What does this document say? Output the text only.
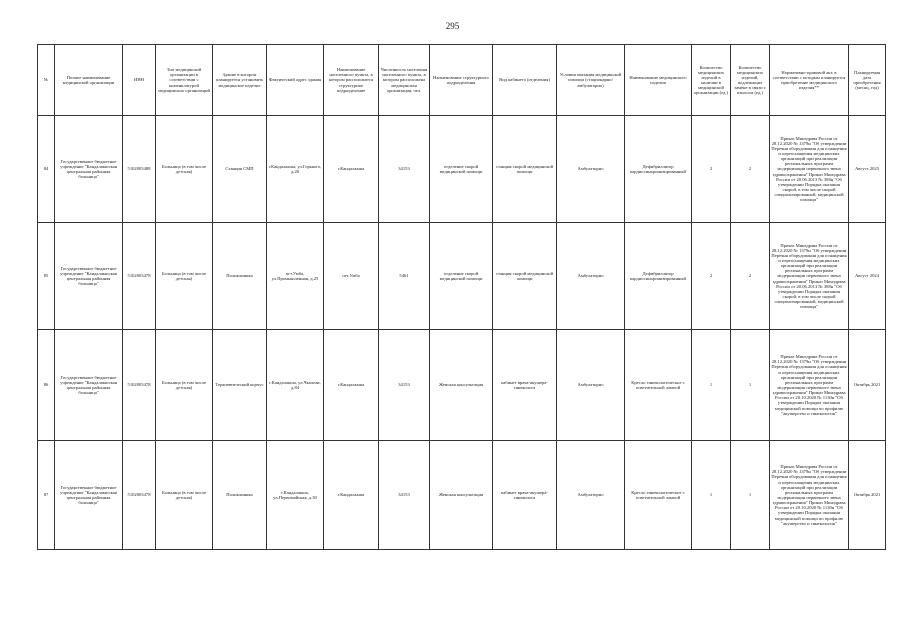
295
№	Полное наименование медицинской организации	ИНН	Тип медицинской организации в соответствии с номенклатурой медицинских организаций	Здание в котором планируется установить медицинское изделие	Фактический адрес здания	Наименование населенного пункта, в котором расположится структурное подразделение	Численность населения населенного пункта, в котором расположена медицинская организация, чел.	Наименование структурного подразделения	Вид кабинета (отделения)	Условия оказания медицинской помощи (стационарно/амбулаторно)	Наименование медицинского изделия	Количество медицинских изделий в наличии в медицинской организации (ед.)	Количество медицинских изделий, подлежащих замене в связи с износом (ед.)	Нормативно-правовой акт, в соответствии с которым планируется приобретение медицинского изделия**	Планируемая дата приобретения (месяц, год)
84	Государственное бюджетное учреждение "Кандалакшская центральная районная больница"	5102003488	Больница (в том числе детская)	Станция СМП	г.Кандалакша, ул.Горького, д.20	г.Кандалакша	34153	отделение скорой медицинской помощи	станция скорой медицинской помощи	Амбулаторно	Дефибриллятор кардиосинхронизированный	2	2	Приказ Минздрава России от 28.12.2020 № 1379н "Об утверждении Перечня оборудования для оснащения и переоснащения медицинских организаций при реализации региональных программ модернизации первичного звена здравоохранения" Приказ Минздрава России от 20.06.2013 № 388н "Об утверждении Порядка оказания скорой, в том числе скорой специализированной, медицинской помощи"	Август 2025
85	Государственное бюджетное учреждение "Кандалакшская центральная районная больница"	5102003478	Больница (в том числе детская)	Поликлиника	пгт.Умба, ул.Промышленная, д.25	пгт.Умба	5461	отделение скорой медицинской помощи	станция скорой медицинской помощи	Амбулаторно	Дефибриллятор кардиосинхронизированный	2	2	Приказ Минздрава России от 28.12.2020 № 1379н "Об утверждении Перечня оборудования для оснащения и переоснащения медицинских организаций при реализации региональных программ модернизации первичного звена здравоохранения" Приказ Минздрава России от 20.06.2013 № 388н "Об утверждении Порядка оказания скорой, в том числе скорой специализированной, медицинской помощи"	Август 2024
86	Государственное бюджетное учреждение "Кандалакшская центральная районная больница"	5102003478	Больница (в том числе детская)	Терапевтический корпус	г.Кандалакша, ул.Чкалова, д.84	г.Кандалакша	34153	Женская консультация	кабинет врача-акушера-гинеколога	Амбулаторно	Кресло гинекологическое с осветительной лампой	1	1	Приказ Минздрава России от 28.12.2020 № 1379н "Об утверждении Перечня оборудования для оснащения и переоснащения медицинских организаций при реализации региональных программ модернизации первичного звена здравоохранения" Приказ Минздрава России от 20.10.2020 № 1130н "Об утверждении Порядка оказания медицинской помощи по профилю "акушерство и гинекология"	Октябрь 2021
87	Государственное бюджетное учреждение "Кандалакшская центральная районная больница"	5102003478	Больница (в том числе детская)	Поликлиника	г.Кандалакша, ул.Первомайская, д.30	г.Кандалакша	34153	Женская консультация	кабинет врача-акушера-гинеколога	Амбулаторно	Кресло гинекологическое с осветительной лампой	1	1	Приказ Минздрава России от 28.12.2020 № 1379н "Об утверждении Перечня оборудования для оснащения и переоснащения медицинских организаций при реализации региональных программ модернизации первичного звена здравоохранения" Приказ Минздрава России от 20.10.2020 № 1130н "Об утверждении Порядка оказания медицинской помощи по профилю "акушерство и гинекология"	Октябрь 2021
